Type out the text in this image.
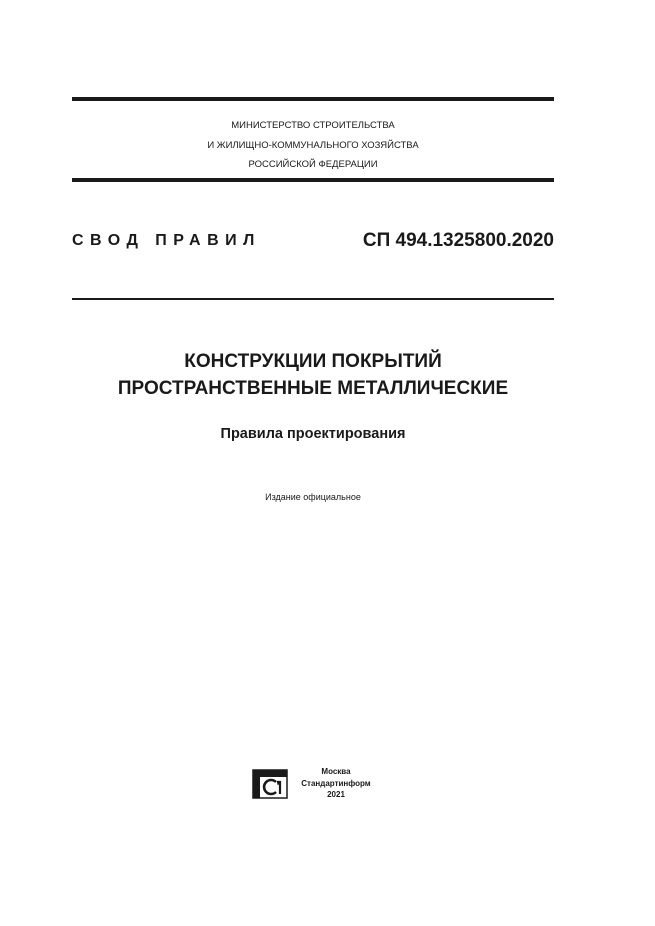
МИНИСТЕРСТВО СТРОИТЕЛЬСТВА
И ЖИЛИЩНО-КОММУНАЛЬНОГО ХОЗЯЙСТВА
РОССИЙСКОЙ ФЕДЕРАЦИИ
СВОД ПРАВИЛ	СП 494.1325800.2020
КОНСТРУКЦИИ ПОКРЫТИЙ
ПРОСТРАНСТВЕННЫЕ МЕТАЛЛИЧЕСКИЕ
Правила проектирования
Издание официальное
Москва
Стандартинформ
2021
